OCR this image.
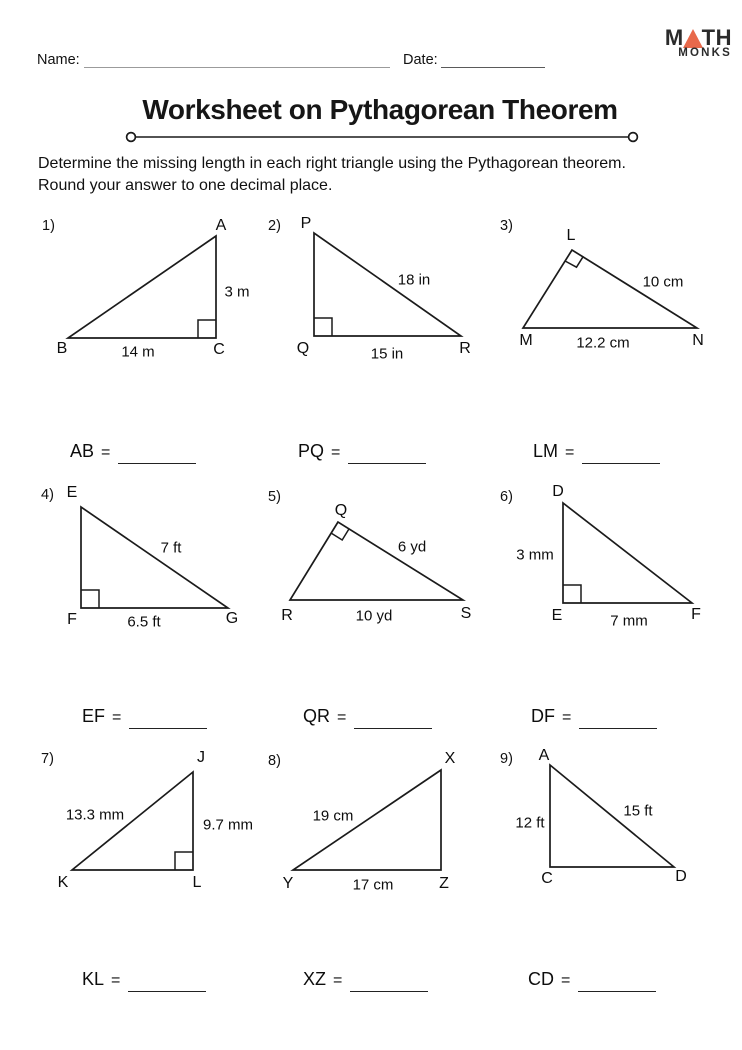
Name:	Date:
M TH
MONKS
Worksheet on Pythagorean Theorem
Determine the missing length in each right triangle using the Pythagorean theorem.
Round your answer to one decimal place.
1)	A
B	C
3 m
14 m
2) P
Q	R
18 in
15 in
3)
L
M	N
10 cm
12.2 cm
AB =	PQ =	LM =
4) E
F	G
7 ft
6.5 ft
5)
Q
R	S
6 yd
10 yd
6) D
E	F
3 mm
7 mm
EF =	QR =	DF =
7)	J
K	L
13.3 mm
9.7 mm
8)	X
Y	Z
19 cm
17 cm
9) A
C	D
12 ft
15 ft
KL =	XZ =	CD =
